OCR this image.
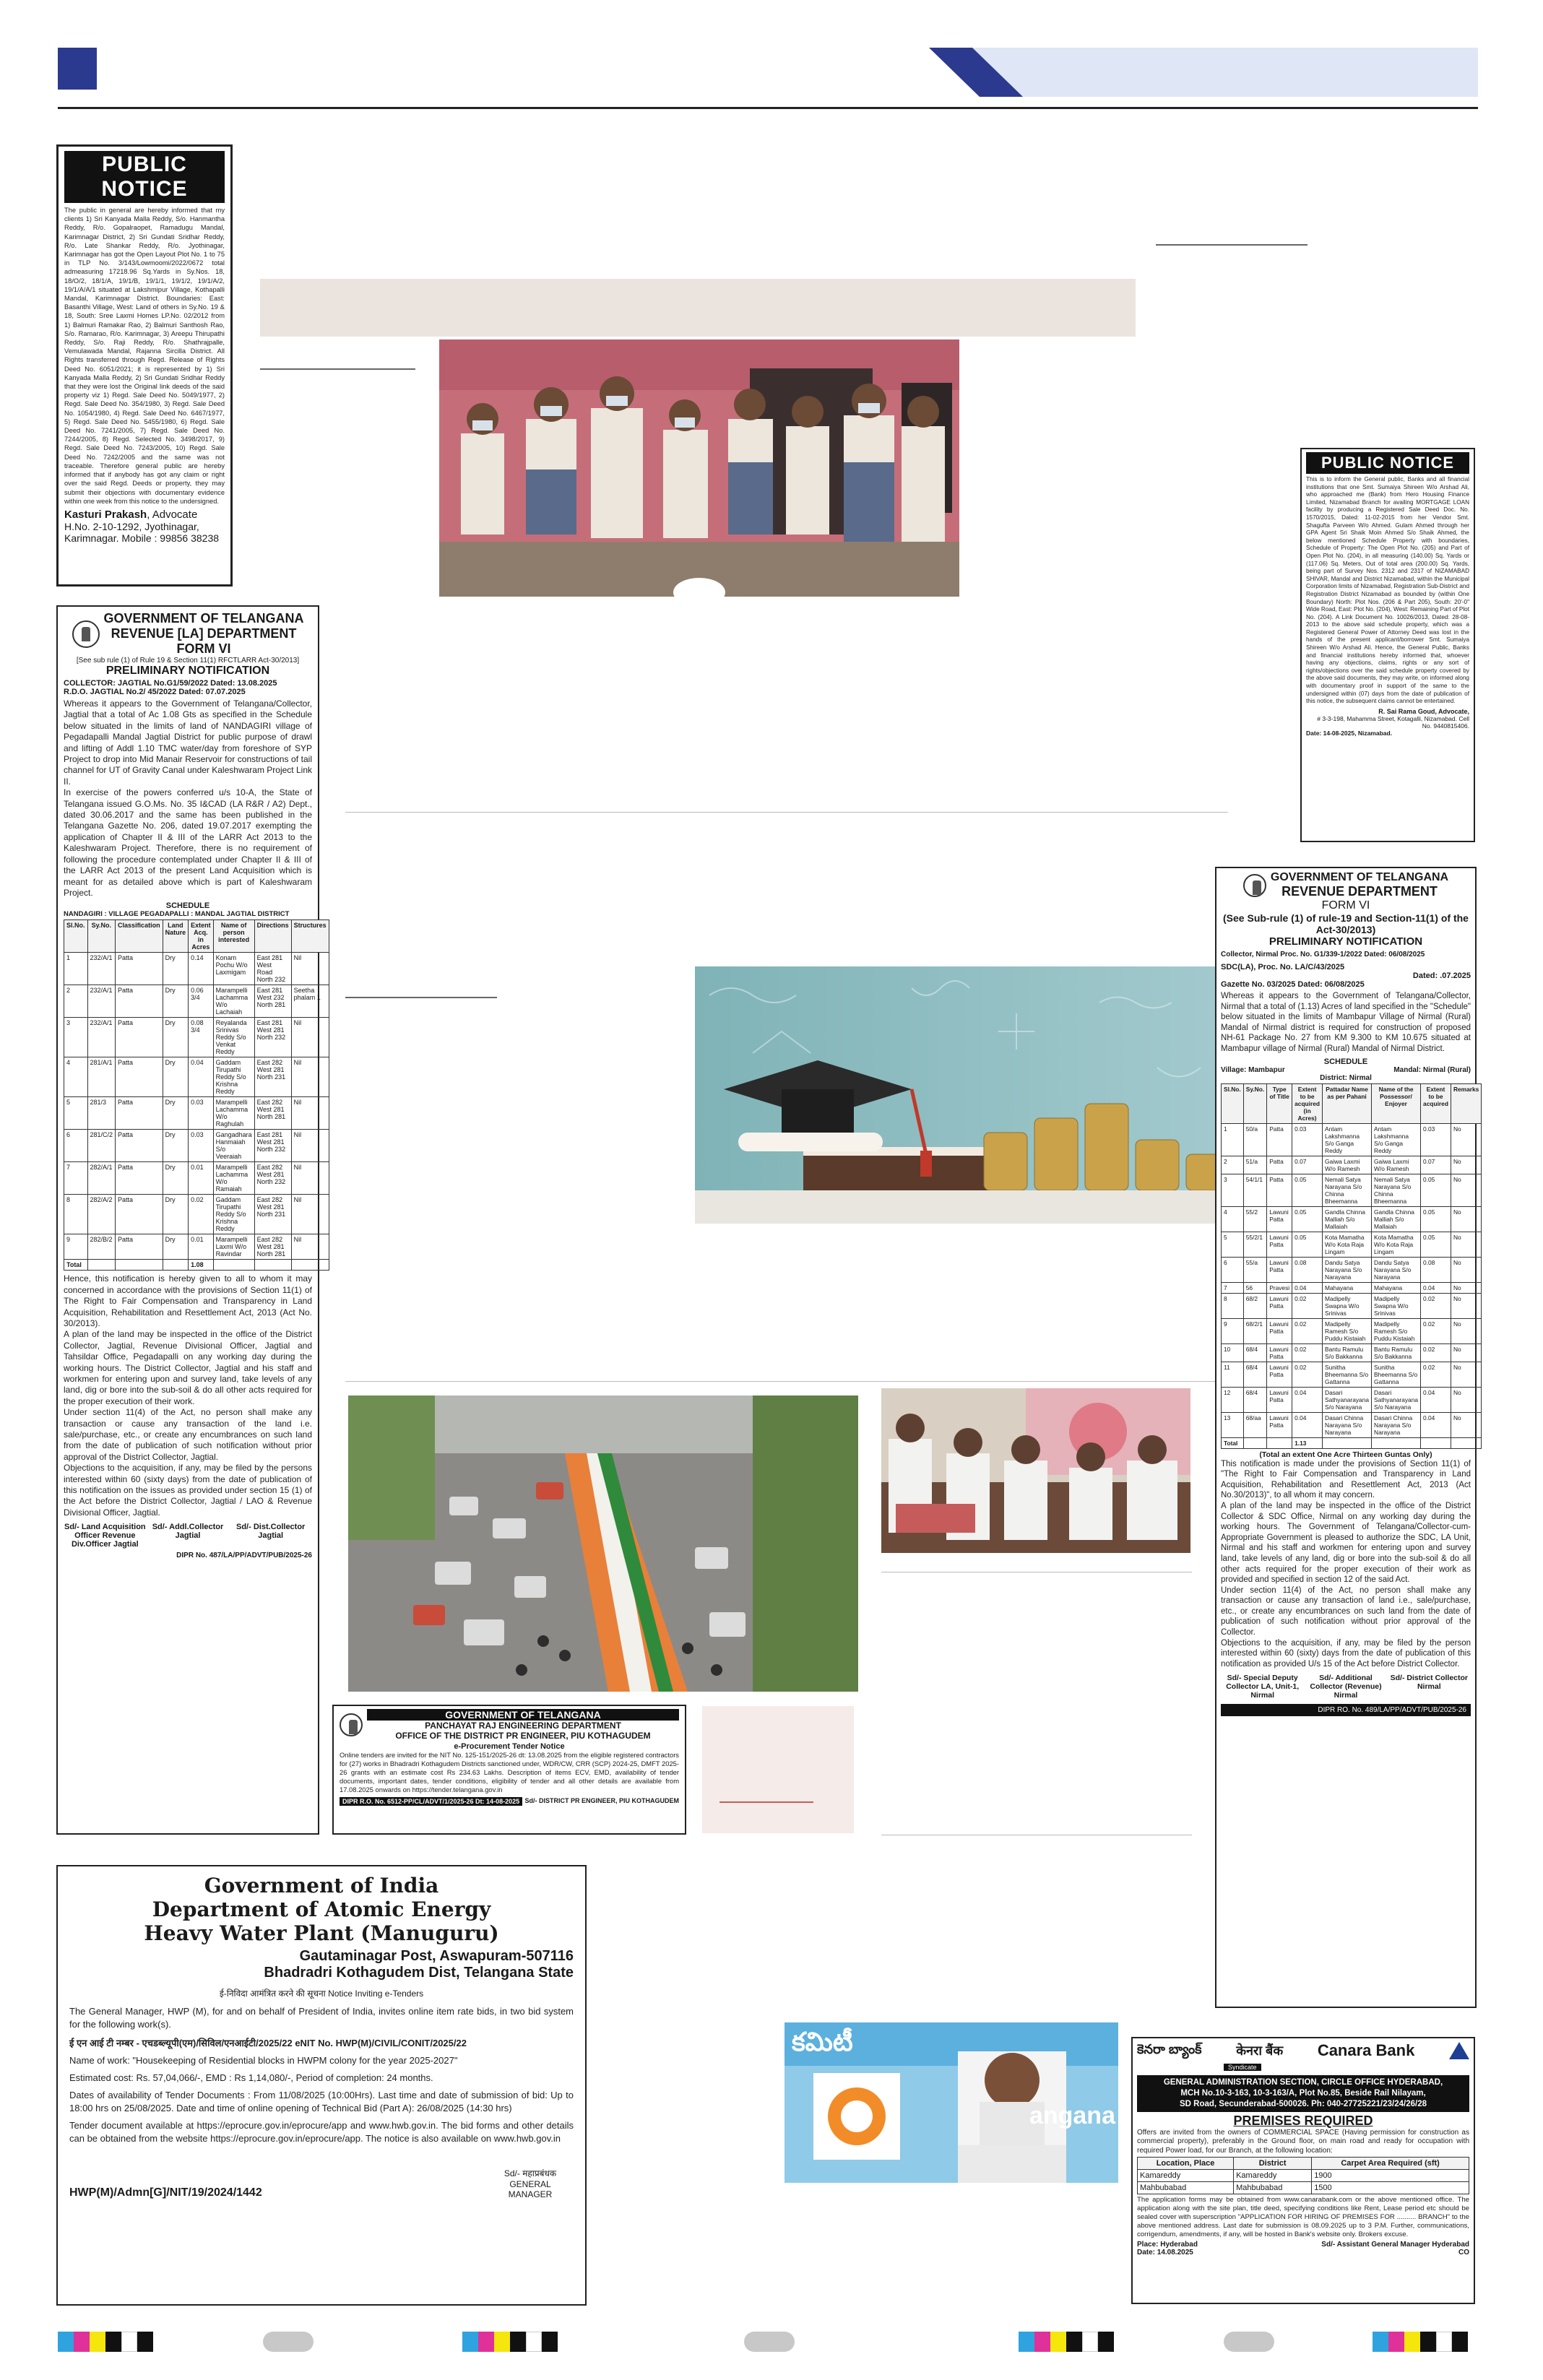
PUBLIC NOTICE

The public in general are hereby informed that my clients 1) Sri Kanyada Malla Reddy, S/o. Hanmantha Reddy, R/o. Gopalraopet, Ramadugu Mandal, Karimnagar District, 2) Sri Gundati Sridhar Reddy, R/o. Late Shankar Reddy, R/o. Jyothinagar, Karimnagar has got the Open Layout Plot No. 1 to 75 in TLP No. 3/143/Lowmoomi/2022/0672 total admeasuring 17218.96 Sq.Yards in Sy.Nos. 18, 18/O/2, 18/1/A, 19/1/B, 19/1/1, 19/1/2, 19/1/A/2, 19/1/A/A/1 situated at Lakshmipur Village, Kothapalli Mandal, Karimnagar District. Boundaries: East: Basanthi Village, West: Land of others in Sy.No. 19 & 18, South: Sree Laxmi Homes LP.No. 02/2012 from 1) Balmuri Ramakar Rao, 2) Balmuri Santhosh Rao, S/o. Ramarao, R/o. Karimnagar, 3) Areepu Thirupathi Reddy, S/o. Raji Reddy, R/o. Shathrajpalle, Vemulawada Mandal, Rajanna Sircilla District. All Rights transferred through Regd. Release of Rights Deed No. 6051/2021; it is represented by 1) Sri Kanyada Malla Reddy, 2) Sri Gundati Sridhar Reddy that they were lost the Original link deeds of the said property viz 1) Regd. Sale Deed No. 5049/1977, 2) Regd. Sale Deed No. 354/1980, 3) Regd. Sale Deed No. 1054/1980, 4) Regd. Sale Deed No. 6467/1977, 5) Regd. Sale Deed No. 5455/1980, 6) Regd. Sale Deed No. 7241/2005, 7) Regd. Sale Deed No. 7244/2005, 8) Regd. Selected No. 3498/2017, 9) Regd. Sale Deed No. 7243/2005, 10) Regd. Sale Deed No. 7242/2005 and the same was not traceable. Therefore general public are hereby informed that if anybody has got any claim or right over the said Regd. Deeds or property, they may submit their objections with documentary evidence within one week from this notice to the undersigned.

Kasturi Prakash, Advocate
H.No. 2-10-1292, Jyothinagar,
Karimnagar. Mobile : 99856 38238
PUBLIC NOTICE

This is to inform the General public, Banks and all financial institutions that one Smt. Sumaiya Shireen W/o Arshad Ali, who approached me (Bank) from Hero Housing Finance Limited, Nizamabad Branch for availing MORTGAGE LOAN facility by producing a Registered Sale Deed Doc. No. 1570/2015, Dated: 11-02-2015 from her Vendor Smt. Shagufta Parveen W/o Ahmed. Gulam Ahmed through her GPA Agent Sri Shaik Moin Ahmed S/o Shaik Ahmed, the below mentioned Schedule Property with boundaries, Schedule of Property: The Open Plot No. (205) and Part of Open Plot No. (204), in all measuring (140.00) Sq. Yards or (117.06) Sq. Meters, Out of total area (200.00) Sq. Yards, being part of Survey Nos. 2312 and 2317 of NIZAMABAD SHIVAR, Mandal and District Nizamabad, within the Municipal Corporation limits of Nizamabad, Registration Sub-District and Registration District Nizamabad as bounded by (within One Boundary) North: Plot Nos. (206 & Part 205), South: 20'-0" Wide Road, East: Plot No. (204), West: Remaining Part of Plot No. (204). A Link Document No. 10026/2013, Dated: 28-08-2013 to the above said schedule property, which was a Registered General Power of Attorney Deed was lost in the hands of the present applicant/borrower Smt. Sumaiya Shireen W/o Arshad Ali. Hence, the General Public, Banks and financial institutions hereby informed that, whoever having any objections, claims, rights or any sort of rights/objections over the said schedule property covered by the above said documents, they may write, on informed along with documentary proof in support of the same to the undersigned within (07) days from the date of publication of this notice, the subsequent claims cannot be entertained.

R. Sai Rama Goud, Advocate,
# 3-3-198, Mahamma Street, Kotagalli, Nizamabad. Cell No. 9440815406.
Date: 14-08-2025, Nizamabad.
GOVERNMENT OF TELANGANA
REVENUE [LA] DEPARTMENT
FORM VI
[See sub rule (1) of Rule 19 & Section 11(1) RFCTLARR Act-30/2013]
PRELIMINARY NOTIFICATION
COLLECTOR: JAGTIAL No.G1/59/2022 Dated: 13.08.2025
R.D.O. JAGTIAL No.2/ 45/2022 Dated: 07.07.2025

Whereas it appears to the Government of Telangana/Collector, Jagtial that a total of Ac 1.08 Gts as specified in the Schedule below situated in the limits of land of NANDAGIRI village of Pegadapalli Mandal Jagtial District for public purpose of drawl and lifting of Addl 1.10 TMC water/day from foreshore of SYP Project to drop into Mid Manair Reservoir for constructions of tail channel for UT of Gravity Canal under Kaleshwaram Project Link II.

In exercise of the powers conferred u/s 10-A, the State of Telangana issued G.O.Ms. No. 35 I&CAD (LA R&R / A2) Dept., dated 30.06.2017 and the same has been published in the Telangana Gazette No. 206, dated 19.07.2017 exempting the application of Chapter II & III of the LARR Act 2013 to the Kaleshwaram Project. Therefore, there is no requirement of following the procedure contemplated under Chapter II & III of the LARR Act 2013 of the present Land Acquisition which is meant for as detailed above which is part of Kaleshwaram Project.

SCHEDULE
NANDAGIRI : VILLAGE PEGADAPALLI : MANDAL JAGTIAL DISTRICT
Sl.No.	Sy.No.	Classification	Land Nature	Extent Acq. in Acres	Name of person interested	Directions	Structures
1	232/A/1	Patta	Dry	0.14	Konam Pochu W/o Laxmigam	East 281 West Road North 232	Nil
2	232/A/1	Patta	Dry	0.06 3/4	Marampelli Lachamma W/o Lachaiah	East 281 West 232 North 281	Seetha phalam 1
3	232/A/1	Patta	Dry	0.08 3/4	Reyalanda Srinivas Reddy S/o Venkat Reddy	East 281 West 281 North 232	Nil
4	281/A/1	Patta	Dry	0.04	Gaddam Tirupathi Reddy S/o Krishna Reddy	East 282 West 281 North 231	Nil
5	281/3	Patta	Dry	0.03	Marampelli Lachamma W/o Raghulah	East 282 West 281 North 281	Nil
6	281/C/2	Patta	Dry	0.03	Gangadhara Hanmaiah S/o Veeraiah	East 281 West 281 North 232	Nil
7	282/A/1	Patta	Dry	0.01	Marampelli Lachamma W/o Ramaiah	East 282 West 281 North 232	Nil
8	282/A/2	Patta	Dry	0.02	Gaddam Tirupathi Reddy S/o Krishna Reddy	East 282 West 281 North 231	Nil
9	282/B/2	Patta	Dry	0.01	Marampelli Laxmi W/o Ravindar	East 282 West 281 North 281	Nil
Total				1.08			

Hence, this notification is hereby given to all to whom it may concerned in accordance with the provisions of Section 11(1) of The Right to Fair Compensation and Transparency in Land Acquisition, Rehabilitation and Resettlement Act, 2013 (Act No. 30/2013).

A plan of the land may be inspected in the office of the District Collector, Jagtial, Revenue Divisional Officer, Jagtial and Tahsildar Office, Pegadapalli on any working day during the working hours. The District Collector, Jagtial and his staff and workmen for entering upon and survey land, take levels of any land, dig or bore into the sub-soil & do all other acts required for the proper execution of their work.

Under section 11(4) of the Act, no person shall make any transaction or cause any transaction of the land i.e. sale/purchase, etc., or create any encumbrances on such land from the date of publication of such notification without prior approval of the District Collector, Jagtial.

Objections to the acquisition, if any, may be filed by the persons interested within 60 (sixty days) from the date of publication of this notification on the issues as provided under section 15 (1) of the Act before the District Collector, Jagtial / LAO & Revenue Divisional Officer, Jagtial.

Sd/- Land Acquisition Officer Revenue Div.Officer Jagtial
Sd/- Addl.Collector Jagtial
Sd/- Dist.Collector Jagtial
DIPR No. 487/LA/PP/ADVT/PUB/2025-26
GOVERNMENT OF TELANGANA
PANCHAYAT RAJ ENGINEERING DEPARTMENT
OFFICE OF THE DISTRICT PR ENGINEER, PIU KOTHAGUDEM
e-Procurement Tender Notice

Online tenders are invited for the NIT No. 125-151/2025-26 dt: 13.08.2025 from the eligible registered contractors for (27) works in Bhadradri Kothagudem Districts sanctioned under, WDR/CW, CRR (SCP) 2024-25, DMFT 2025-26 grants with an estimate cost Rs 234.63 Lakhs. Description of items ECV, EMD, availability of tender documents, important dates, tender conditions, eligibility of tender and all other details are available from 17.08.2025 onwards on https://tender.telangana.gov.in

DIPR R.O. No. 6512-PP/CL/ADVT/1/2025-26 Dt: 14-08-2025 Sd/- DISTRICT PR ENGINEER, PIU KOTHAGUDEM
GOVERNMENT OF TELANGANA
REVENUE DEPARTMENT
FORM VI
(See Sub-rule (1) of rule-19 and Section-11(1) of the Act-30/2013)
PRELIMINARY NOTIFICATION
Collector, Nirmal Proc. No. G1/339-1/2022 Dated: 06/08/2025
SDC(LA), Proc. No. LA/C/43/2025
Dated: .07.2025
Gazette No. 03/2025 Dated: 06/08/2025

Whereas it appears to the Government of Telangana/Collector, Nirmal that a total of (1.13) Acres of land specified in the "Schedule" below situated in the limits of Mambapur Village of Nirmal (Rural) Mandal of Nirmal district is required for construction of proposed NH-61 Package No. 27 from KM 9.300 to KM 10.675 situated at Mambapur village of Nirmal (Rural) Mandal of Nirmal District.

SCHEDULE
Village: Mambapur	Mandal: Nirmal (Rural)
District: Nirmal
Sl.No.	Sy.No.	Type of Title	Extent to be acquired (in Acres)	Pattadar Name as per Pahani	Name of the Possessor/ Enjoyer	Extent to be acquired	Remarks
1	50/a	Patta	0.03	Antam Lakshmanna S/o Ganga Reddy	Antam Lakshmanna S/o Ganga Reddy	0.03	No
2	51/a	Patta	0.07	Gaiwa Laxmi W/o Ramesh	Gaiwa Laxmi W/o Ramesh	0.07	No
3	54/1/1	Patta	0.05	Nemali Satya Narayana S/o Chinna Bheemanna	Nemali Satya Narayana S/o Chinna Bheemanna	0.05	No
4	55/2	Lawuni Patta	0.05	Gandla Chinna Malliah S/o Mallaiah	Gandla Chinna Malliah S/o Mallaiah	0.05	No
5	55/2/1	Lawuni Patta	0.05	Kota Mamatha W/o Kota Raja Lingam	Kota Mamatha W/o Kota Raja Lingam	0.05	No
6	55/a	Lawuni Patta	0.08	Dandu Satya Narayana S/o Narayana	Dandu Satya Narayana S/o Narayana	0.08	No
7	56	Pravesi	0.04	Mahayana	Mahayana	0.04	No
8	68/2	Lawuni Patta	0.02	Madipelly Swapna W/o Srinivas	Madipelly Swapna W/o Srinivas	0.02	No
9	68/2/1	Lawuni Patta	0.02	Madipelly Ramesh S/o Puddu Kistaiah	Madipelly Ramesh S/o Puddu Kistaiah	0.02	No
10	68/4	Lawuni Patta	0.02	Bantu Ramulu S/o Bakkanna	Bantu Ramulu S/o Bakkanna	0.02	No
11	68/4	Lawuni Patta	0.02	Sunitha Bheemanna S/o Gattanna	Sunitha Bheemanna S/o Gattanna	0.02	No
12	68/4	Lawuni Patta	0.04	Dasari Sathyanarayana S/o Narayana	Dasari Sathyanarayana S/o Narayana	0.04	No
13	68/aa	Lawuni Patta	0.04	Dasari Chinna Narayana S/o Narayana	Dasari Chinna Narayana S/o Narayana	0.04	No
Total			1.13				
(Total an extent One Acre Thirteen Guntas Only)

This notification is made under the provisions of Section 11(1) of "The Right to Fair Compensation and Transparency in Land Acquisition, Rehabilitation and Resettlement Act, 2013 (Act No.30/2013)", to all whom it may concern.

A plan of the land may be inspected in the office of the District Collector & SDC Office, Nirmal on any working day during the working hours. The Government of Telangana/Collector-cum-Appropriate Government is pleased to authorize the SDC, LA Unit, Nirmal and his staff and workmen for entering upon and survey land, take levels of any land, dig or bore into the sub-soil & do all other acts required for the proper execution of their work as provided and specified in section 12 of the said Act.

Under section 11(4) of the Act, no person shall make any transaction or cause any transaction of land i.e., sale/purchase, etc., or create any encumbrances on such land from the date of publication of such notification without prior approval of the Collector.

Objections to the acquisition, if any, may be filed by the person interested within 60 (sixty) days from the date of publication of this notification as provided U/s 15 of the Act before District Collector.

Sd/- Special Deputy Collector LA, Unit-1, Nirmal
Sd/- Additional Collector (Revenue) Nirmal
Sd/- District Collector Nirmal
DIPR RO. No. 489/LA/PP/ADVT/PUB/2025-26
Government of India
Department of Atomic Energy
Heavy Water Plant (Manuguru)
Gautaminagar Post, Aswapuram-507116
Bhadradri Kothagudem Dist, Telangana State
ई-निविदा आमंत्रित करने की सूचना Notice Inviting e-Tenders

The General Manager, HWP (M), for and on behalf of President of India, invites online item rate bids, in two bid system for the following work(s).

ई एन आई टी नम्बर - एचडब्ल्यूपी(एम)/सिविल/एनआईटी/2025/22 eNIT No. HWP(M)/CIVIL/CONIT/2025/22

Name of work: "Housekeeping of Residential blocks in HWPM colony for the year 2025-2027"

Estimated cost: Rs. 57,04,066/-, EMD : Rs 1,14,080/-, Period of completion: 24 months.

Dates of availability of Tender Documents : From 11/08/2025 (10:00Hrs). Last time and date of submission of bid: Up to 18:00 hrs on 25/08/2025. Date and time of online opening of Technical Bid (Part A): 26/08/2025 (14:30 hrs)

Tender document available at https://eprocure.gov.in/eprocure/app and www.hwb.gov.in. The bid forms and other details can be obtained from the website https://eprocure.gov.in/eprocure/app. The notice is also available on www.hwb.gov.in

HWP(M)/Admn[G]/NIT/19/2024/1442
Sd/- महाप्रबंधक GENERAL MANAGER
కమిటీ
angana
కెనరా బ్యాంక్	केनरा बैंक Canara Bank
Syndicate
GENERAL ADMINISTRATION SECTION, CIRCLE OFFICE HYDERABAD,
MCH No.10-3-163, 10-3-163/A, Plot No.85, Beside Rail Nilayam,
SD Road, Secunderabad-500026. Ph: 040-27725221/23/24/26/28
PREMISES REQUIRED

Offers are invited from the owners of COMMERCIAL SPACE (Having permission for construction as commercial property), preferably in the Ground floor, on main road and ready for occupation with required Power load, for our Branch, at the following location:

Location, Place	District	Carpet Area Required (sft)
Kamareddy	Kamareddy	1900
Mahbubabad	Mahbubabad	1500

The application forms may be obtained from www.canarabank.com or the above mentioned office. The application along with the site plan, title deed, specifying conditions like Rent, Lease period etc should be sealed cover with superscription "APPLICATION FOR HIRING OF PREMISES FOR .......... BRANCH" to the above mentioned address. Last date for submission is 08.09.2025 up to 3 P.M. Further, communications, corrigendum, amendments, if any, will be hosted in Bank's website only. Brokers excuse.

Place: Hyderabad
Date: 14.08.2025
Sd/- Assistant General Manager Hyderabad CO
